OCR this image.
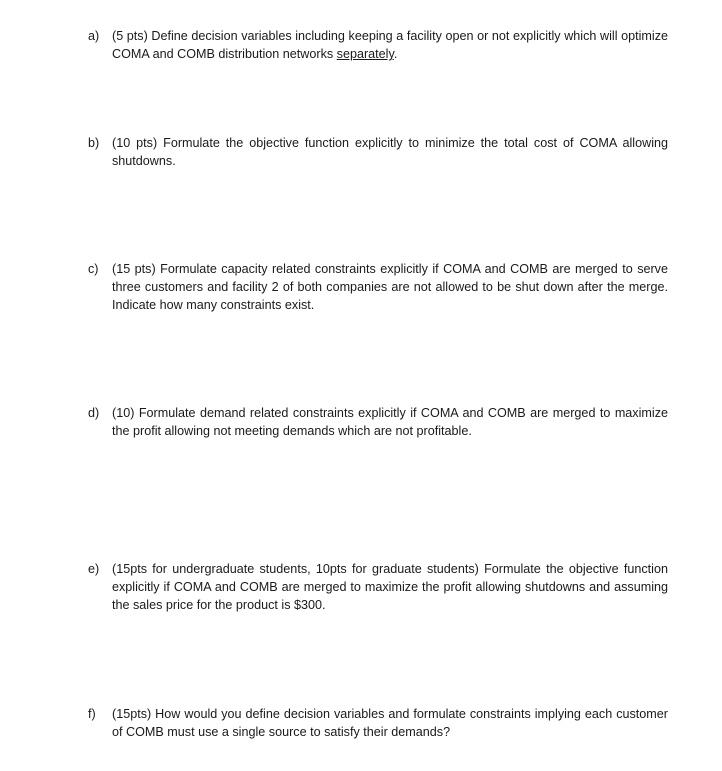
a)	(5 pts) Define decision variables including keeping a facility open or not explicitly which will optimize COMA and COMB distribution networks separately.
b)	(10 pts) Formulate the objective function explicitly to minimize the total cost of COMA allowing shutdowns.
c)	(15 pts) Formulate capacity related constraints explicitly if COMA and COMB are merged to serve three customers and facility 2 of both companies are not allowed to be shut down after the merge. Indicate how many constraints exist.
d)	(10) Formulate demand related constraints explicitly if COMA and COMB are merged to maximize the profit allowing not meeting demands which are not profitable.
e)	(15pts for undergraduate students, 10pts for graduate students) Formulate the objective function explicitly if COMA and COMB are merged to maximize the profit allowing shutdowns and assuming the sales price for the product is $300.
f)	(15pts) How would you define decision variables and formulate constraints implying each customer of COMB must use a single source to satisfy their demands?
